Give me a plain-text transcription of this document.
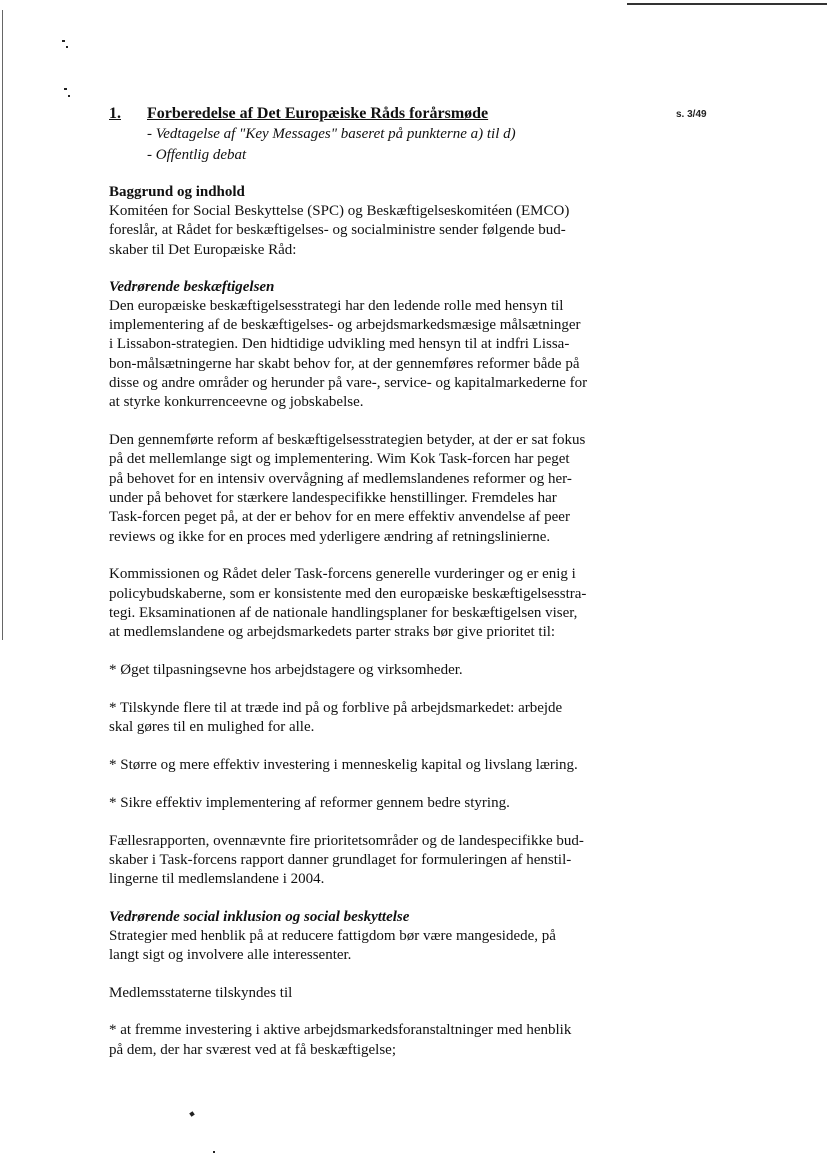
s. 3/49
1.	Forberedelse af Det Europæiske Råds forårsmøde
- Vedtagelse af "Key Messages" baseret på punkterne a) til d)
- Offentlig debat
Baggrund og indhold

Komitéen for Social Beskyttelse (SPC) og Beskæftigelseskomitéen (EMCO)
foreslår, at Rådet for beskæftigelses- og socialministre sender følgende bud-
skaber til Det Europæiske Råd:

Vedrørende beskæftigelsen

Den europæiske beskæftigelsesstrategi har den ledende rolle med hensyn til
implementering af de beskæftigelses- og arbejdsmarkedsmæsige målsætninger
i Lissabon-strategien. Den hidtidige udvikling med hensyn til at indfri Lissa-
bon-målsætningerne har skabt behov for, at der gennemføres reformer både på
disse og andre områder og herunder på vare-, service- og kapitalmarkederne for
at styrke konkurrenceevne og jobskabelse.

Den gennemførte reform af beskæftigelsesstrategien betyder, at der er sat fokus
på det mellemlange sigt og implementering. Wim Kok Task-forcen har peget
på behovet for en intensiv overvågning af medlemslandenes reformer og her-
under på behovet for stærkere landespecifikke henstillinger. Fremdeles har
Task-forcen peget på, at der er behov for en mere effektiv anvendelse af peer
reviews og ikke for en proces med yderligere ændring af retningslinierne.

Kommissionen og Rådet deler Task-forcens generelle vurderinger og er enig i
policybudskaberne, som er konsistente med den europæiske beskæftigelsesstra-
tegi. Eksaminationen af de nationale handlingsplaner for beskæftigelsen viser,
at medlemslandene og arbejdsmarkedets parter straks bør give prioritet til:

* Øget tilpasningsevne hos arbejdstagere og virksomheder.

* Tilskynde flere til at træde ind på og forblive på arbejdsmarkedet: arbejde
skal gøres til en mulighed for alle.

* Større og mere effektiv investering i menneskelig kapital og livslang læring.

* Sikre effektiv implementering af reformer gennem bedre styring.

Fællesrapporten, ovennævnte fire prioritetsområder og de landespecifikke bud-
skaber i Task-forcens rapport danner grundlaget for formuleringen af henstil-
lingerne til medlemslandene i 2004.

Vedrørende social inklusion og social beskyttelse

Strategier med henblik på at reducere fattigdom bør være mangesidede, på
langt sigt og involvere alle interessenter.

Medlemsstaterne tilskyndes til

* at fremme investering i aktive arbejdsmarkedsforanstaltninger med henblik
på dem, der har sværest ved at få beskæftigelse;
